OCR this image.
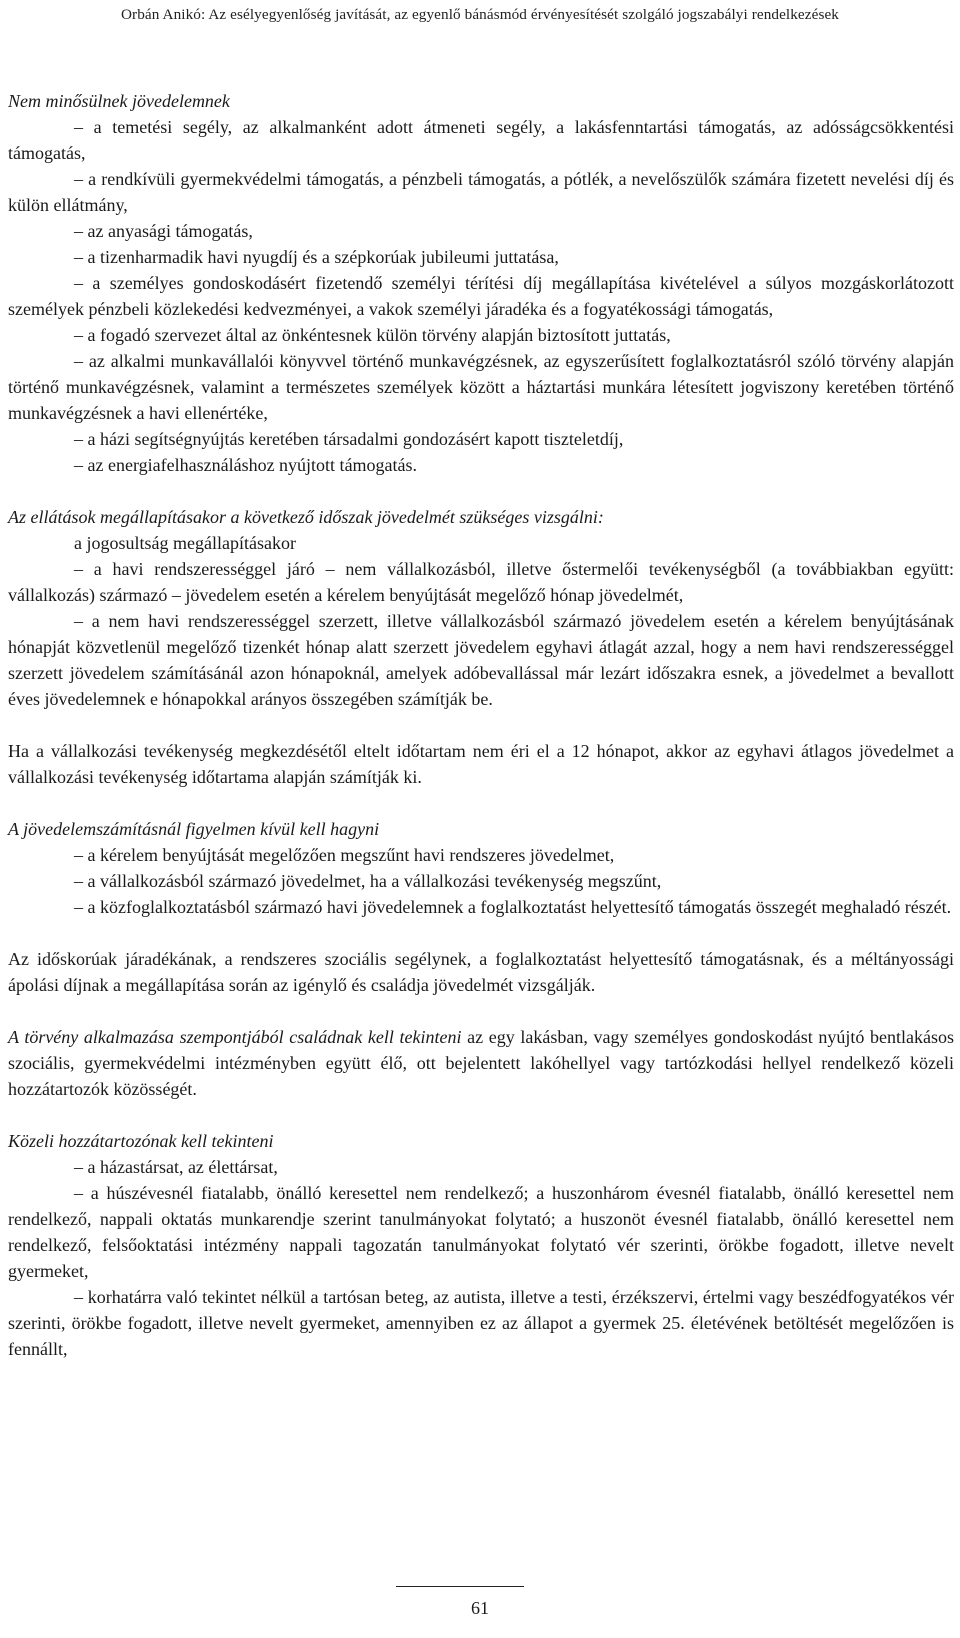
Orbán Anikó: Az esélyegyenlőség javítását, az egyenlő bánásmód érvényesítését szolgáló jogszabályi rendelkezések

Nem minősülnek jövedelemnek

– a temetési segély, az alkalmanként adott átmeneti segély, a lakásfenntartási támogatás, az adósságcsökkentési támogatás,

– a rendkívüli gyermekvédelmi támogatás, a pénzbeli támogatás, a pótlék, a nevelőszülők számára fizetett nevelési díj és külön ellátmány,

– az anyasági támogatás,

– a tizenharmadik havi nyugdíj és a szépkorúak jubileumi juttatása,

– a személyes gondoskodásért fizetendő személyi térítési díj megállapítása kivételével a súlyos mozgáskorlátozott személyek pénzbeli közlekedési kedvezményei, a vakok személyi járadéka és a fogyatékossági támogatás,

– a fogadó szervezet által az önkéntesnek külön törvény alapján biztosított juttatás,

– az alkalmi munkavállalói könyvvel történő munkavégzésnek, az egyszerűsített foglalkoztatásról szóló törvény alapján történő munkavégzésnek, valamint a természetes személyek között a háztartási munkára létesített jogviszony keretében történő munkavégzésnek a havi ellenértéke,

– a házi segítségnyújtás keretében társadalmi gondozásért kapott tiszteletdíj,

– az energiafelhasználáshoz nyújtott támogatás.

Az ellátások megállapításakor a következő időszak jövedelmét szükséges vizsgálni:

a jogosultság megállapításakor

– a havi rendszerességgel járó – nem vállalkozásból, illetve őstermelői tevékenységből (a továbbiakban együtt: vállalkozás) származó – jövedelem esetén a kérelem benyújtását megelőző hónap jövedelmét,

– a nem havi rendszerességgel szerzett, illetve vállalkozásból származó jövedelem esetén a kérelem benyújtásának hónapját közvetlenül megelőző tizenkét hónap alatt szerzett jövedelem egyhavi átlagát azzal, hogy a nem havi rendszerességgel szerzett jövedelem számításánál azon hónapoknál, amelyek adóbevallással már lezárt időszakra esnek, a jövedelmet a bevallott éves jövedelemnek e hónapokkal arányos összegében számítják be.

Ha a vállalkozási tevékenység megkezdésétől eltelt időtartam nem éri el a 12 hónapot, akkor az egyhavi átlagos jövedelmet a vállalkozási tevékenység időtartama alapján számítják ki.

A jövedelemszámításnál figyelmen kívül kell hagyni

– a kérelem benyújtását megelőzően megszűnt havi rendszeres jövedelmet,

– a vállalkozásból származó jövedelmet, ha a vállalkozási tevékenység megszűnt,

– a közfoglalkoztatásból származó havi jövedelemnek a foglalkoztatást helyettesítő támogatás összegét meghaladó részét.

Az időskorúak járadékának, a rendszeres szociális segélynek, a foglalkoztatást helyettesítő támogatásnak, és a méltányossági ápolási díjnak a megállapítása során az igénylő és családja jövedelmét vizsgálják.

A törvény alkalmazása szempontjából családnak kell tekinteni az egy lakásban, vagy személyes gondoskodást nyújtó bentlakásos szociális, gyermekvédelmi intézményben együtt élő, ott bejelentett lakóhellyel vagy tartózkodási hellyel rendelkező közeli hozzátartozók közösségét.

Közeli hozzátartozónak kell tekinteni

– a házastársat, az élettársat,

– a húszévesnél fiatalabb, önálló keresettel nem rendelkező; a huszonhárom évesnél fiatalabb, önálló keresettel nem rendelkező, nappali oktatás munkarendje szerint tanulmányokat folytató; a huszonöt évesnél fiatalabb, önálló keresettel nem rendelkező, felsőoktatási intézmény nappali tagozatán tanulmányokat folytató vér szerinti, örökbe fogadott, illetve nevelt gyermeket,

– korhatárra való tekintet nélkül a tartósan beteg, az autista, illetve a testi, érzékszervi, értelmi vagy beszédfogyatékos vér szerinti, örökbe fogadott, illetve nevelt gyermeket, amennyiben ez az állapot a gyermek 25. életévének betöltését megelőzően is fennállt,

61
